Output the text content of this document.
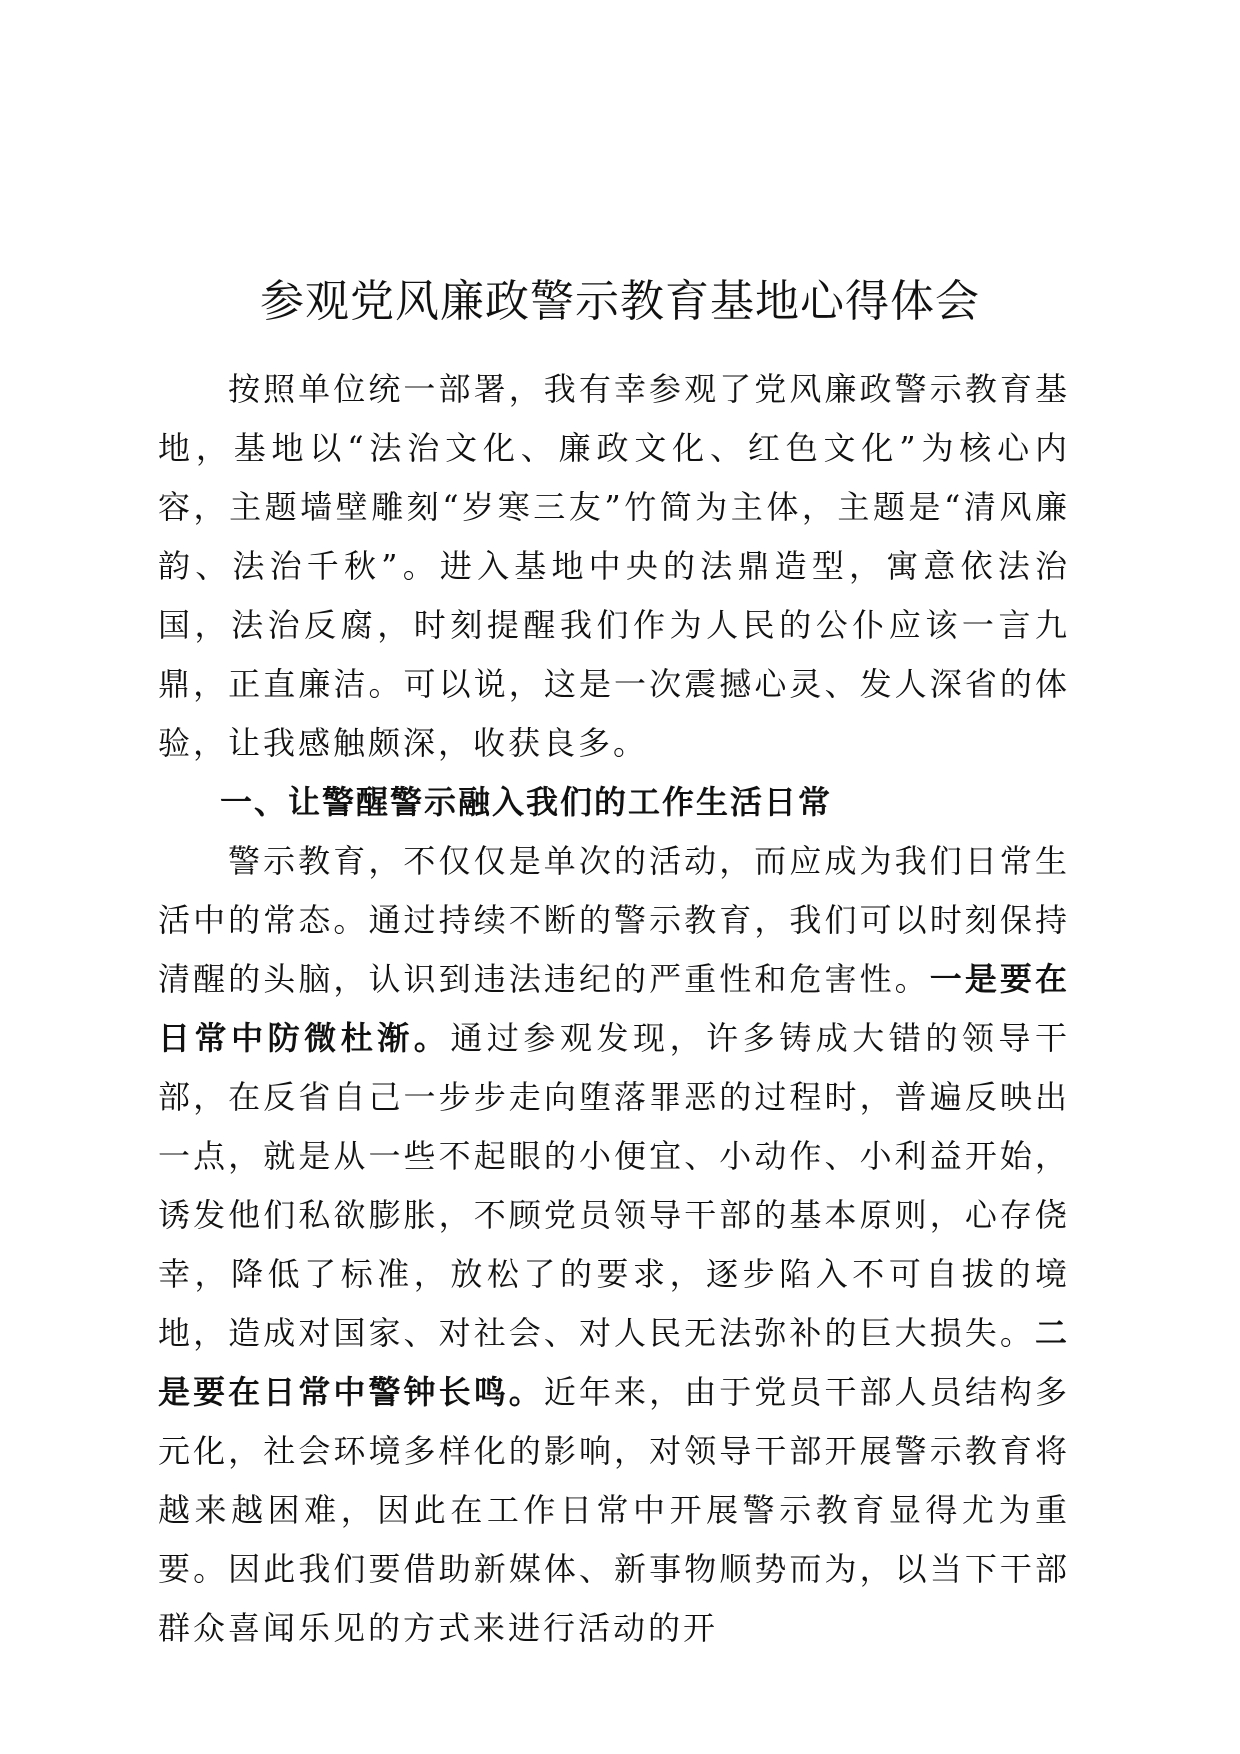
参观党风廉政警示教育基地心得体会

按照单位统一部署，我有幸参观了党风廉政警示教育基地，基地以“法治文化、廉政文化、红色文化”为核心内容，主题墙壁雕刻“岁寒三友”竹简为主体，主题是“清风廉韵、法治千秋”。进入基地中央的法鼎造型，寓意依法治国，法治反腐，时刻提醒我们作为人民的公仆应该一言九鼎，正直廉洁。可以说，这是一次震撼心灵、发人深省的体验，让我感触颇深，收获良多。

一、让警醒警示融入我们的工作生活日常

警示教育，不仅仅是单次的活动，而应成为我们日常生活中的常态。通过持续不断的警示教育，我们可以时刻保持清醒的头脑，认识到违法违纪的严重性和危害性。一是要在日常中防微杜渐。通过参观发现，许多铸成大错的领导干部，在反省自己一步步走向堕落罪恶的过程时，普遍反映出一点，就是从一些不起眼的小便宜、小动作、小利益开始，诱发他们私欲膨胀，不顾党员领导干部的基本原则，心存侥幸，降低了标准，放松了的要求，逐步陷入不可自拔的境地，造成对国家、对社会、对人民无法弥补的巨大损失。二是要在日常中警钟长鸣。近年来，由于党员干部人员结构多元化，社会环境多样化的影响，对领导干部开展警示教育将越来越困难，因此在工作日常中开展警示教育显得尤为重要。因此我们要借助新媒体、新事物顺势而为，以当下干部群众喜闻乐见的方式来进行活动的开
